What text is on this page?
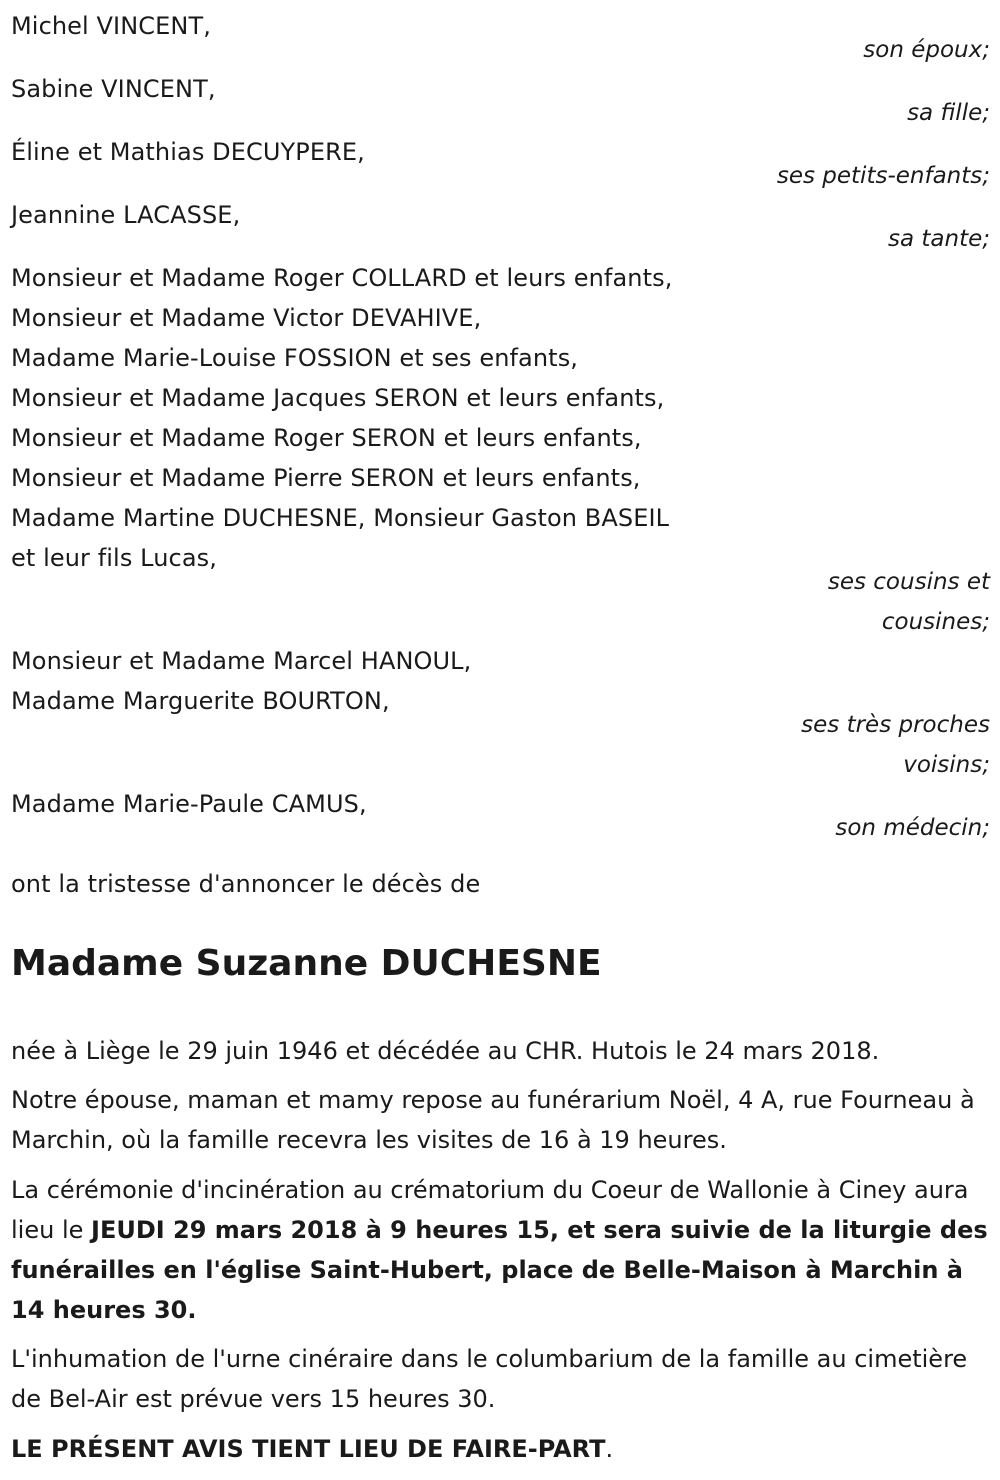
Michel VINCENT,

son époux;

Sabine VINCENT,

sa fille;

Éline et Mathias DECUYPERE,

ses petits-enfants;

Jeannine LACASSE,

sa tante;

Monsieur et Madame Roger COLLARD et leurs enfants,

Monsieur et Madame Victor DEVAHIVE,

Madame Marie-Louise FOSSION et ses enfants,

Monsieur et Madame Jacques SERON et leurs enfants,

Monsieur et Madame Roger SERON et leurs enfants,

Monsieur et Madame Pierre SERON et leurs enfants,

Madame Martine DUCHESNE, Monsieur Gaston BASEIL

et leur fils Lucas,

ses cousins et

cousines;

Monsieur et Madame Marcel HANOUL,

Madame Marguerite BOURTON,

ses très proches

voisins;

Madame Marie-Paule CAMUS,

son médecin;

ont la tristesse d'annoncer le décès de

Madame Suzanne DUCHESNE

née à Liège le 29 juin 1946 et décédée au CHR. Hutois le 24 mars 2018.

Notre épouse, maman et mamy repose au funérarium Noël, 4 A, rue Fourneau à Marchin, où la famille recevra les visites de 16 à 19 heures.

La cérémonie d'incinération au crématorium du Coeur de Wallonie à Ciney aura lieu le JEUDI 29 mars 2018 à 9 heures 15, et sera suivie de la liturgie des funérailles en l'église Saint-Hubert, place de Belle-Maison à Marchin à 14 heures 30.

L'inhumation de l'urne cinéraire dans le columbarium de la famille au cimetière de Bel-Air est prévue vers 15 heures 30.

LE PRÉSENT AVIS TIENT LIEU DE FAIRE-PART.
